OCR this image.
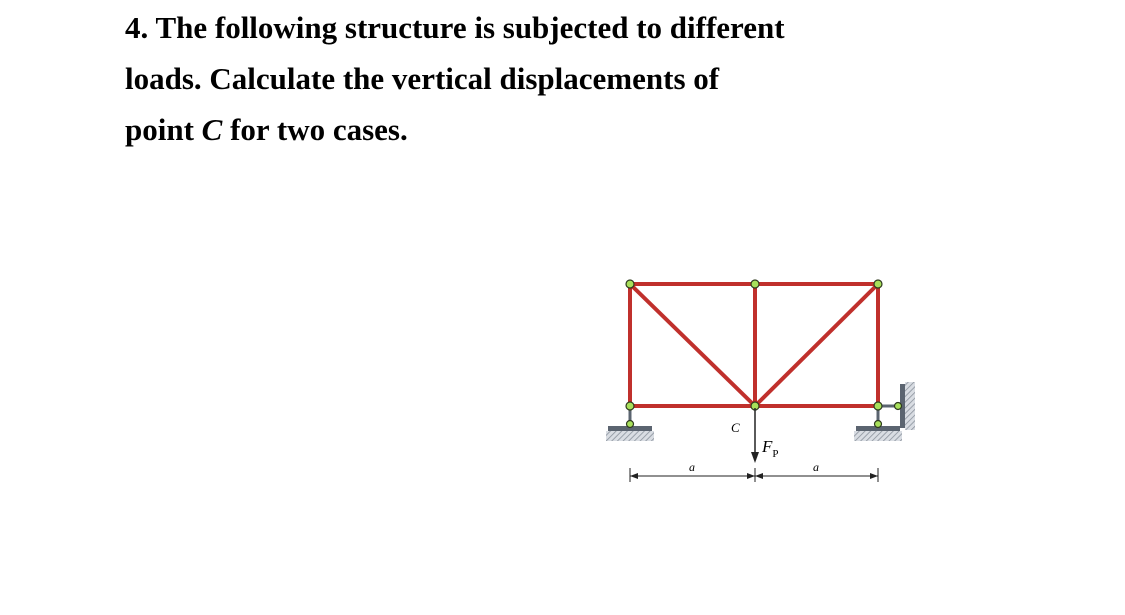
4. The following structure is subjected to different
loads. Calculate the vertical displacements of
point C for two cases.
C
$F_P$
a	a
